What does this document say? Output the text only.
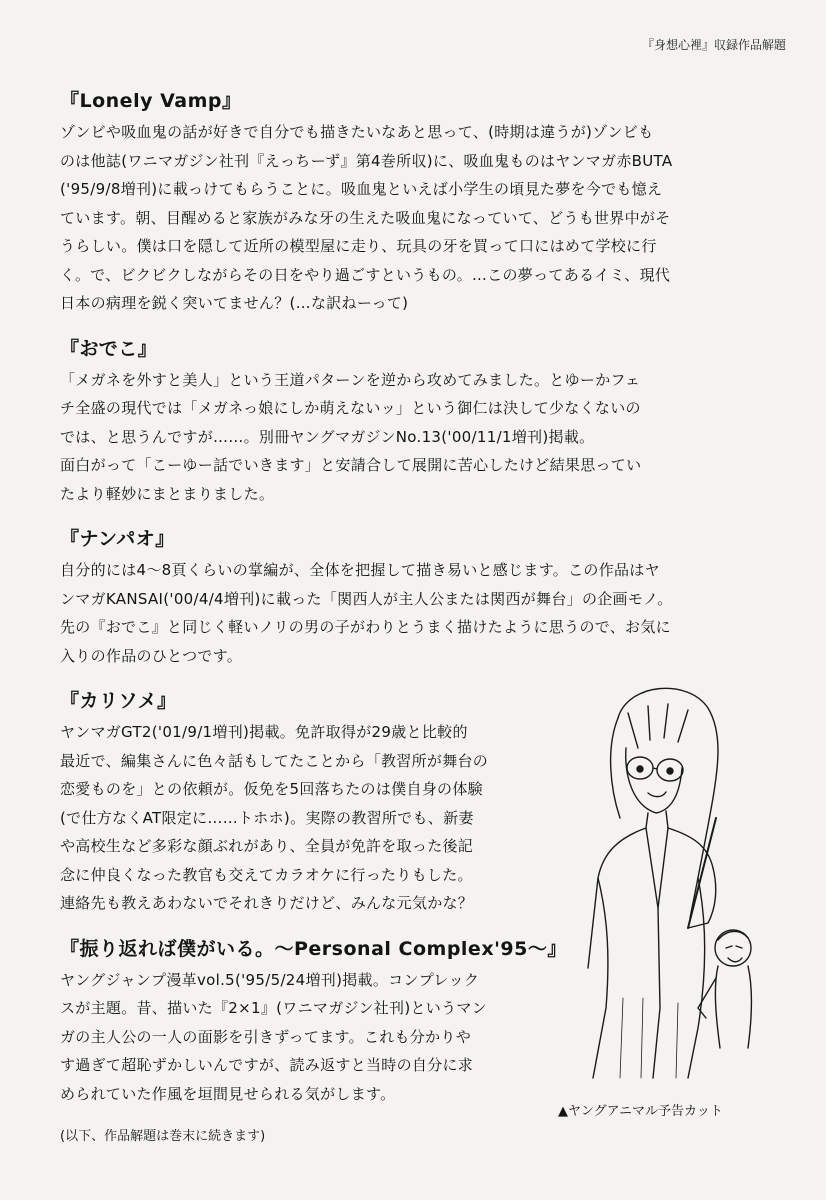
『身想心裡』収録作品解題
『Lonely Vamp』
ゾンビや吸血鬼の話が好きで自分でも描きたいなあと思って、(時期は違うが)ゾンビも
のは他誌(ワニマガジン社刊『えっちーず』第4巻所収)に、吸血鬼ものはヤンマガ赤BUTA
('95/9/8増刊)に載っけてもらうことに。吸血鬼といえば小学生の頃見た夢を今でも憶え
ています。朝、目醒めると家族がみな牙の生えた吸血鬼になっていて、どうも世界中がそ
うらしい。僕は口を隠して近所の模型屋に走り、玩具の牙を買って口にはめて学校に行
く。で、ビクビクしながらその日をやり過ごすというもの。…この夢ってあるイミ、現代
日本の病理を鋭く突いてません？(…な訳ねーって)
『おでこ』
「メガネを外すと美人」という王道パターンを逆から攻めてみました。とゆーかフェ
チ全盛の現代では「メガネっ娘にしか萌えないッ」という御仁は決して少なくないの
では、と思うんですが……。別冊ヤングマガジンNo.13('00/11/1増刊)掲載。
面白がって「こーゆー話でいきます」と安請合して展開に苦心したけど結果思ってい
たより軽妙にまとまりました。
『ナンパオ』
自分的には4～8頁くらいの掌編が、全体を把握して描き易いと感じます。この作品はヤ
ンマガKANSAI('00/4/4増刊)に載った「関西人が主人公または関西が舞台」の企画モノ。
先の『おでこ』と同じく軽いノリの男の子がわりとうまく描けたように思うので、お気に
入りの作品のひとつです。
『カリソメ』
ヤンマガGT2('01/9/1増刊)掲載。免許取得が29歳と比較的
最近で、編集さんに色々話もしてたことから「教習所が舞台の
恋愛ものを」との依頼が。仮免を5回落ちたのは僕自身の体験
(で仕方なくAT限定に……トホホ)。実際の教習所でも、新妻
や高校生など多彩な顔ぶれがあり、全員が免許を取った後記
念に仲良くなった教官も交えてカラオケに行ったりもした。
連絡先も教えあわないでそれきりだけど、みんな元気かな？
『振り返れば僕がいる。～Personal Complex'95～』
ヤングジャンプ漫革vol.5('95/5/24増刊)掲載。コンプレック
スが主題。昔、描いた『2×1』(ワニマガジン社刊)というマン
ガの主人公の一人の面影を引きずってます。これも分かりや
す過ぎて超恥ずかしいんですが、読み返すと当時の自分に求
められていた作風を垣間見せられる気がします。
(以下、作品解題は巻末に続きます)
▲ヤングアニマル予告カット
